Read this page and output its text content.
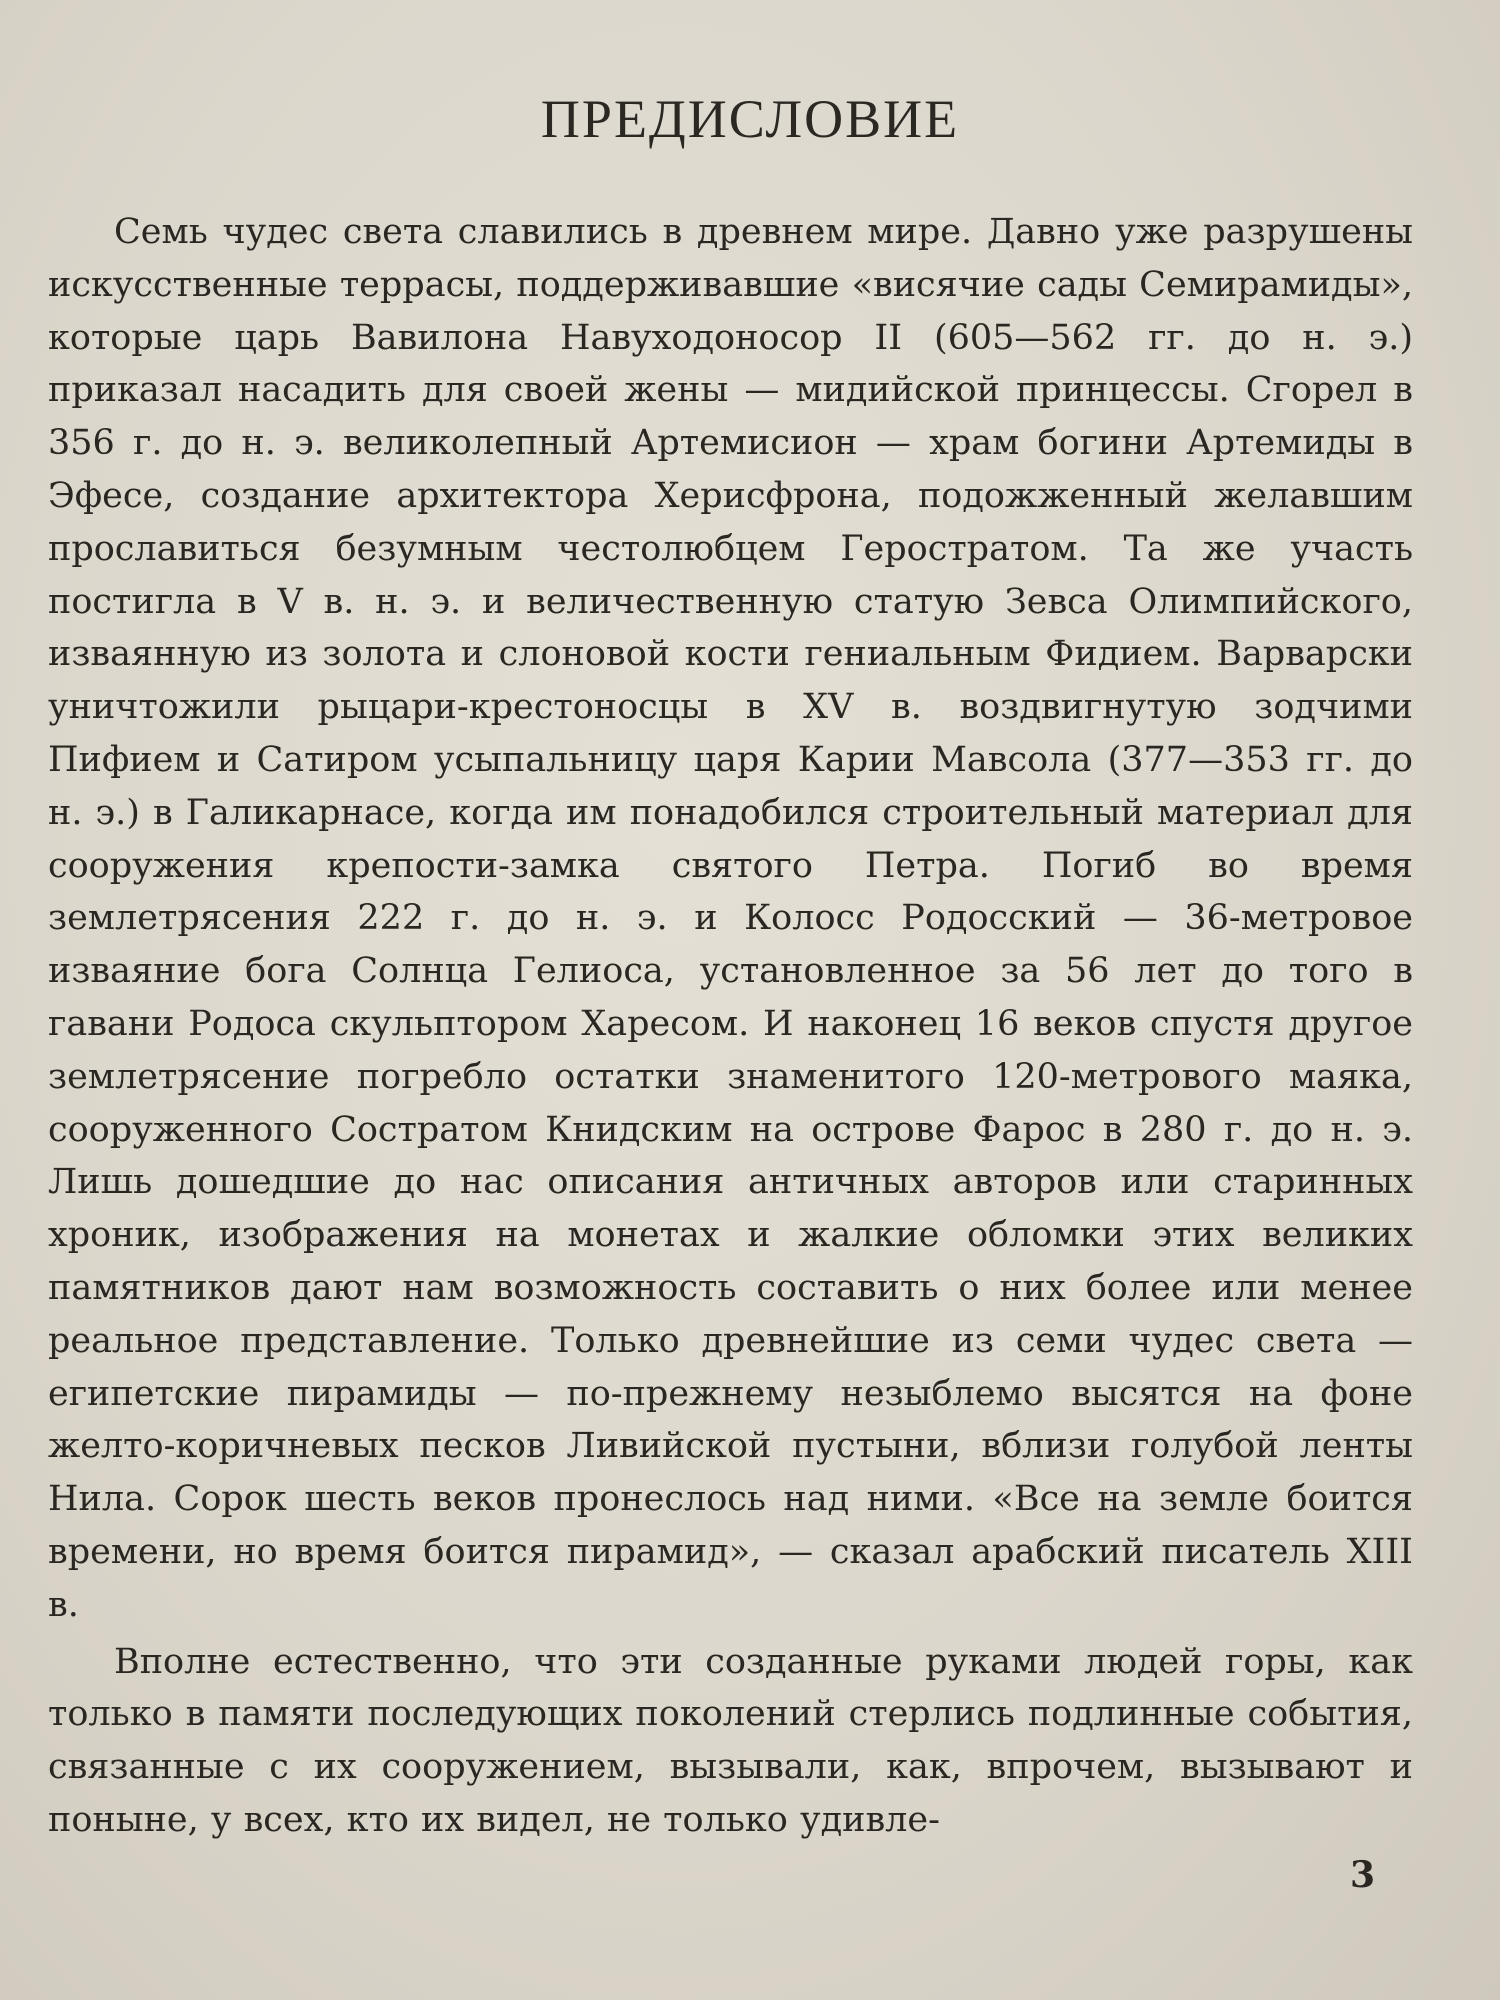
ПРЕДИСЛОВИЕ

Семь чудес света славились в древнем мире. Давно уже разрушены искусственные террасы, поддерживавшие «висячие сады Семирамиды», которые царь Вавилона Навуходоносор II (605—562 гг. до н. э.) приказал насадить для своей жены — мидийской принцессы. Сгорел в 356 г. до н. э. великолепный Артемисион — храм богини Артемиды в Эфесе, создание архитектора Херисфрона, подожженный желавшим прославиться безумным честолюбцем Геростратом. Та же участь постигла в V в. н. э. и величественную статую Зевса Олимпийского, изваянную из золота и слоновой кости гениальным Фидием. Варварски уничтожили рыцари-крестоносцы в XV в. воздвигнутую зодчими Пифием и Сатиром усыпальницу царя Карии Мавсола (377—353 гг. до н. э.) в Галикарнасе, когда им понадобился строительный материал для сооружения крепости-замка святого Петра. Погиб во время землетрясения 222 г. до н. э. и Колосс Родосский — 36-метровое изваяние бога Солнца Гелиоса, установленное за 56 лет до того в гавани Родоса скульптором Харесом. И наконец 16 веков спустя другое землетрясение погребло остатки знаменитого 120-метрового маяка, сооруженного Состратом Книдским на острове Фарос в 280 г. до н. э. Лишь дошедшие до нас описания античных авторов или старинных хроник, изображения на монетах и жалкие обломки этих великих памятников дают нам возможность составить о них более или менее реальное представление. Только древнейшие из семи чудес света — египетские пирамиды — по-прежнему незыблемо высятся на фоне желто-коричневых песков Ливийской пустыни, вблизи голубой ленты Нила. Сорок шесть веков пронеслось над ними. «Все на земле боится времени, но время боится пирамид», — сказал арабский писатель XIII в.

Вполне естественно, что эти созданные руками людей горы, как только в памяти последующих поколений стерлись подлинные события, связанные с их сооружением, вызывали, как, впрочем, вызывают и поныне, у всех, кто их видел, не только удивле-

3
